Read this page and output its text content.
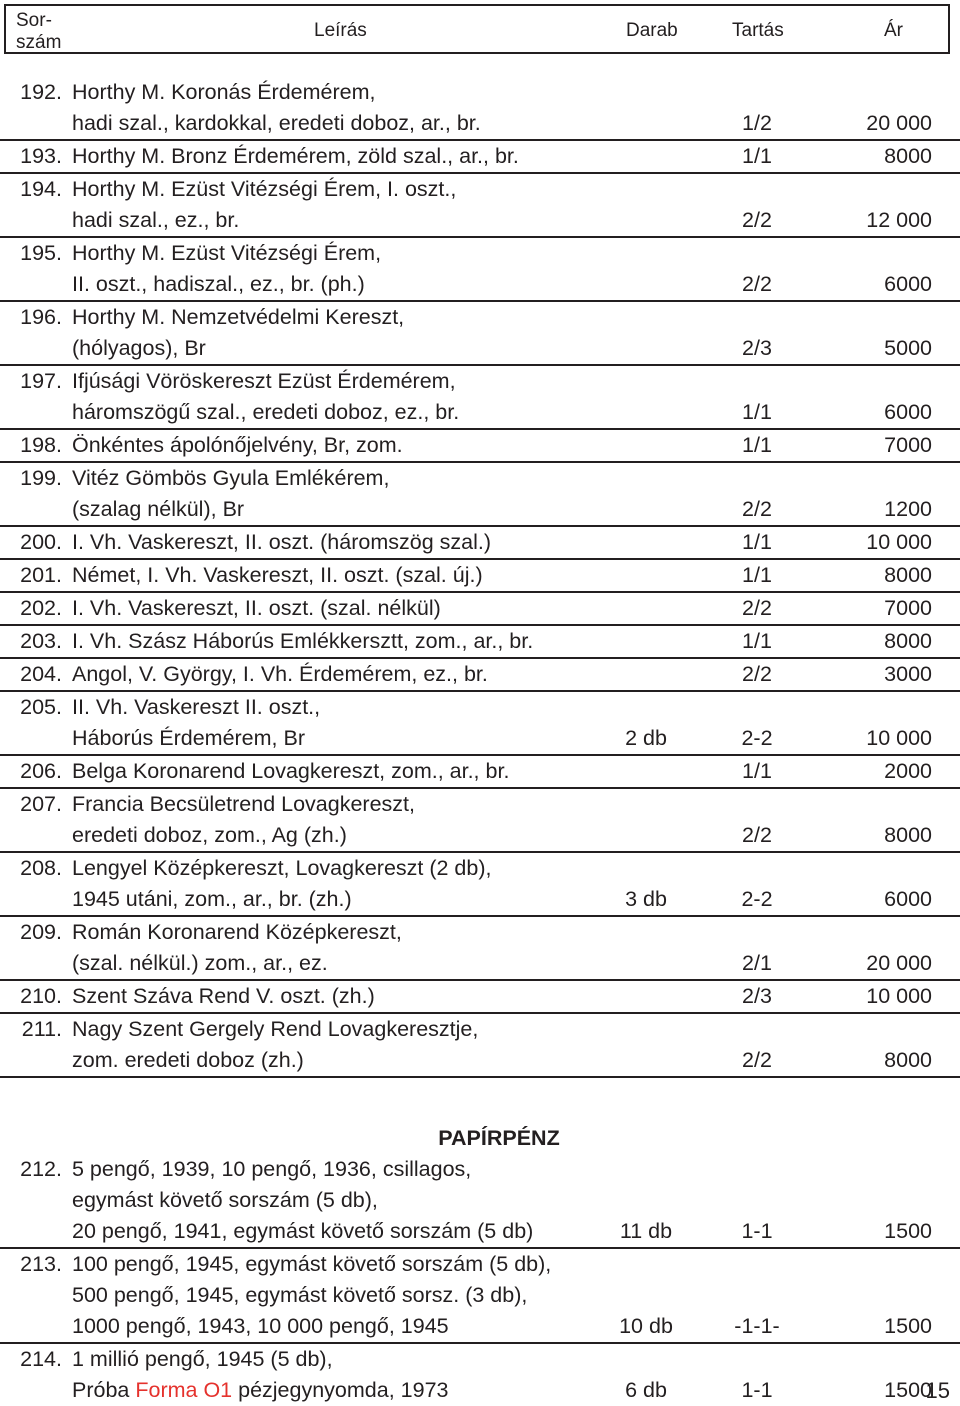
Sor-
szám
Leírás	Darab	Tartás	Ár
192. Horthy M. Koronás Érdemérem,
hadi szal., kardokkal, eredeti doboz, ar., br.	1/2	20 000
193. Horthy M. Bronz Érdemérem, zöld szal., ar., br.	1/1	8000
194. Horthy M. Ezüst Vitézségi Érem, I. oszt.,
hadi szal., ez., br.	2/2	12 000
195. Horthy M. Ezüst Vitézségi Érem,
II. oszt., hadiszal., ez., br. (ph.)	2/2	6000
196. Horthy M. Nemzetvédelmi Kereszt,
(hólyagos), Br	2/3	5000
197. Ifjúsági Vöröskereszt Ezüst Érdemérem,
háromszögű szal., eredeti doboz, ez., br.	1/1	6000
198. Önkéntes ápolónőjelvény, Br, zom.	1/1	7000
199. Vitéz Gömbös Gyula Emlékérem,
(szalag nélkül), Br	2/2	1200
200. I. Vh. Vaskereszt, II. oszt. (háromszög szal.)	1/1	10 000
201. Német, I. Vh. Vaskereszt, II. oszt. (szal. új.)	1/1	8000
202. I. Vh. Vaskereszt, II. oszt. (szal. nélkül)	2/2	7000
203. I. Vh. Szász Háborús Emlékkersztt, zom., ar., br.	1/1	8000
204. Angol, V. György, I. Vh. Érdemérem, ez., br.	2/2	3000
205. II. Vh. Vaskereszt II. oszt.,
Háborús Érdemérem, Br	2 db	2-2	10 000
206. Belga Koronarend Lovagkereszt, zom., ar., br.	1/1	2000
207. Francia Becsületrend Lovagkereszt,
eredeti doboz, zom., Ag (zh.)	2/2	8000
208. Lengyel Középkereszt, Lovagkereszt (2 db),
1945 utáni, zom., ar., br. (zh.)	3 db	2-2	6000
209. Román Koronarend Középkereszt,
(szal. nélkül.) zom., ar., ez.	2/1	20 000
210. Szent Száva Rend V. oszt. (zh.)	2/3	10 000
211. Nagy Szent Gergely Rend Lovagkeresztje,
zom. eredeti doboz (zh.)	2/2	8000
PAPÍRPÉNZ
212. 5 pengő, 1939, 10 pengő, 1936, csillagos,
egymást követő sorszám (5 db),
20 pengő, 1941, egymást követő sorszám (5 db)	11 db	1-1	1500
213. 100 pengő, 1945, egymást követő sorszám (5 db),
500 pengő, 1945, egymást követő sorsz. (3 db),
1000 pengő, 1943, 10 000 pengő, 1945	10 db	-1-1-	1500
214. 1 millió pengő, 1945 (5 db),
Próba Forma O1 pézjegynyomda, 1973	6 db	1-1	1500
15
